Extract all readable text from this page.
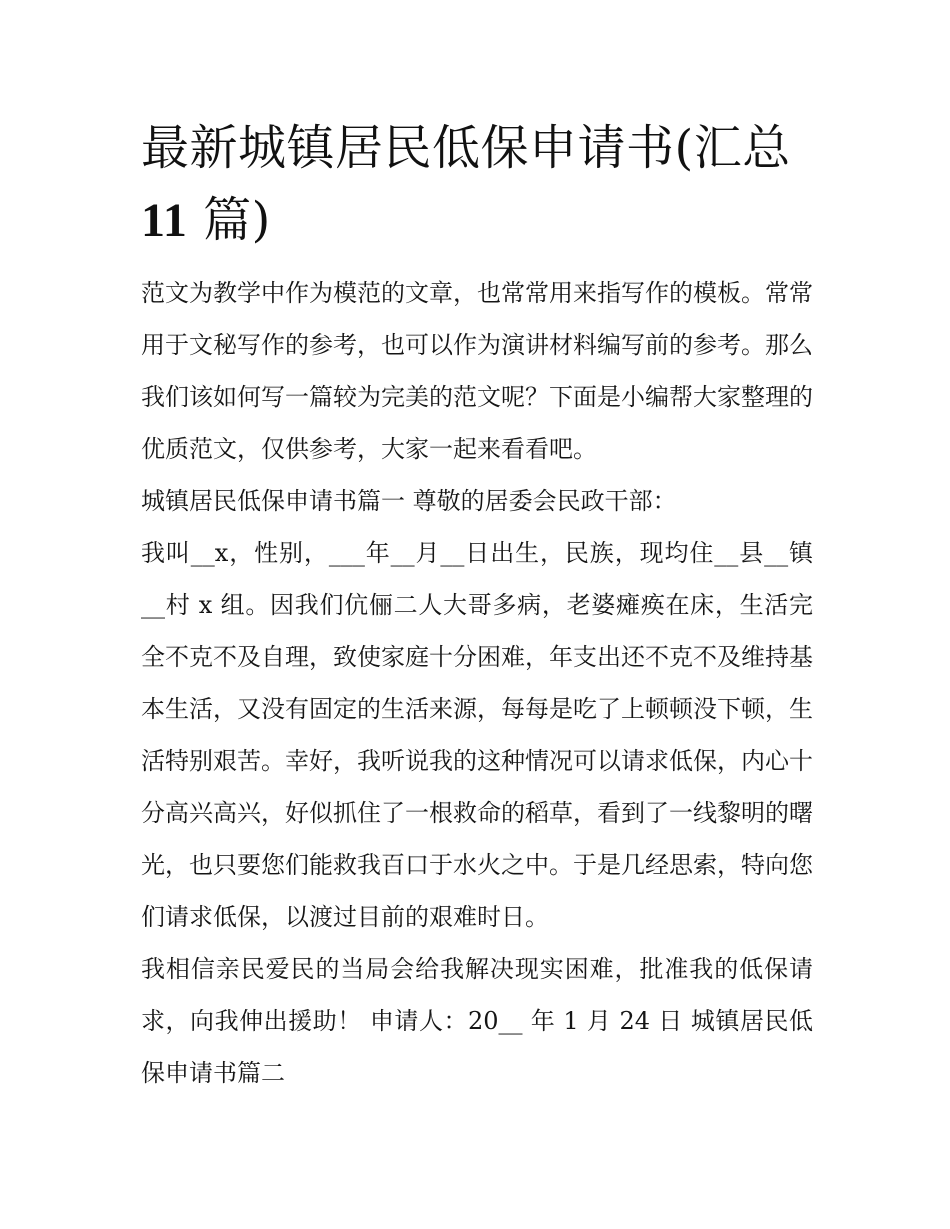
最新城镇居民低保申请书(汇总
11 篇)

范文为教学中作为模范的文章，也常常用来指写作的模板。常常用于文秘写作的参考，也可以作为演讲材料编写前的参考。那么我们该如何写一篇较为完美的范文呢？下面是小编帮大家整理的优质范文，仅供参考，大家一起来看看吧。

城镇居民低保申请书篇一 尊敬的居委会民政干部：

我叫__x，性别，___年__月__日出生，民族，现均住__县__镇__村 x 组。因我们伉俪二人大哥多病，老婆瘫痪在床，生活完全不克不及自理，致使家庭十分困难，年支出还不克不及维持基本生活，又没有固定的生活来源，每每是吃了上顿顿没下顿，生活特别艰苦。幸好，我听说我的这种情况可以请求低保，内心十分高兴高兴，好似抓住了一根救命的稻草，看到了一线黎明的曙光，也只要您们能救我百口于水火之中。于是几经思索，特向您们请求低保，以渡过目前的艰难时日。

我相信亲民爱民的当局会给我解决现实困难，批准我的低保请求，向我伸出援助！ 申请人：20__ 年 1 月 24 日 城镇居民低保申请书篇二
